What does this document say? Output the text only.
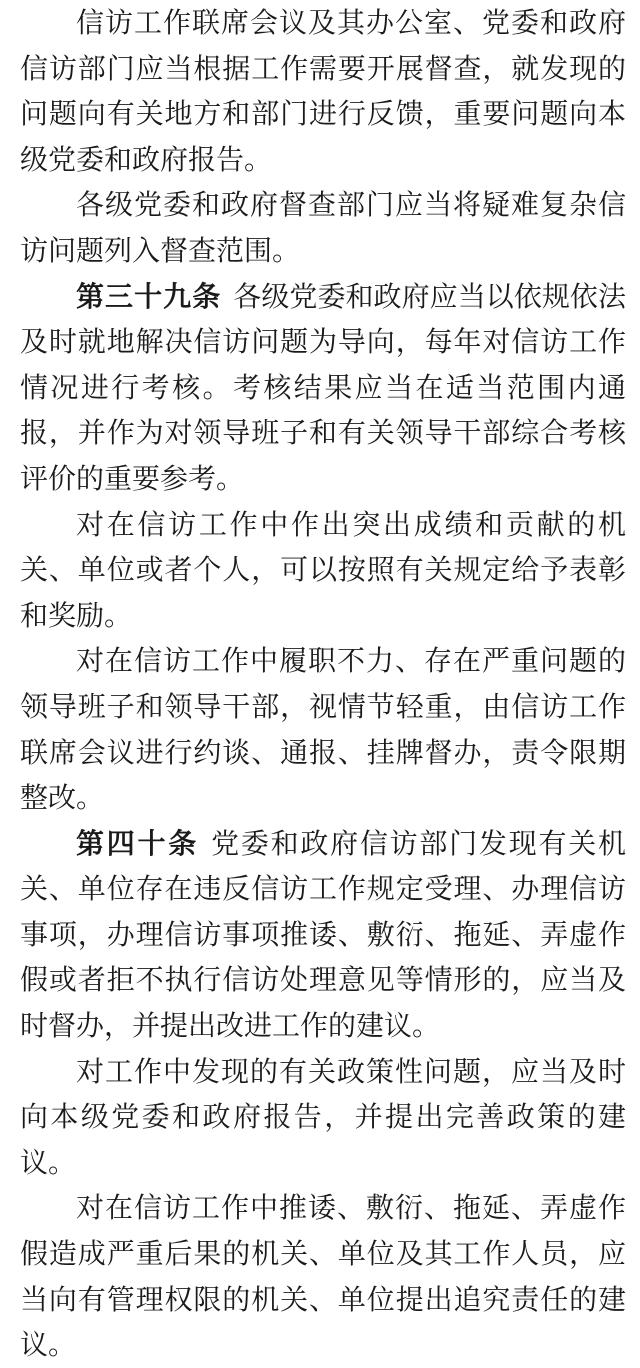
信访工作联席会议及其办公室、党委和政府信访部门应当根据工作需要开展督查，就发现的问题向有关地方和部门进行反馈，重要问题向本级党委和政府报告。

各级党委和政府督查部门应当将疑难复杂信访问题列入督查范围。

第三十九条 各级党委和政府应当以依规依法及时就地解决信访问题为导向，每年对信访工作情况进行考核。考核结果应当在适当范围内通报，并作为对领导班子和有关领导干部综合考核评价的重要参考。

对在信访工作中作出突出成绩和贡献的机关、单位或者个人，可以按照有关规定给予表彰和奖励。

对在信访工作中履职不力、存在严重问题的领导班子和领导干部，视情节轻重，由信访工作联席会议进行约谈、通报、挂牌督办，责令限期整改。

第四十条 党委和政府信访部门发现有关机关、单位存在违反信访工作规定受理、办理信访事项，办理信访事项推诿、敷衍、拖延、弄虚作假或者拒不执行信访处理意见等情形的，应当及时督办，并提出改进工作的建议。

对工作中发现的有关政策性问题，应当及时向本级党委和政府报告，并提出完善政策的建议。

对在信访工作中推诿、敷衍、拖延、弄虚作假造成严重后果的机关、单位及其工作人员，应当向有管理权限的机关、单位提出追究责任的建议。
